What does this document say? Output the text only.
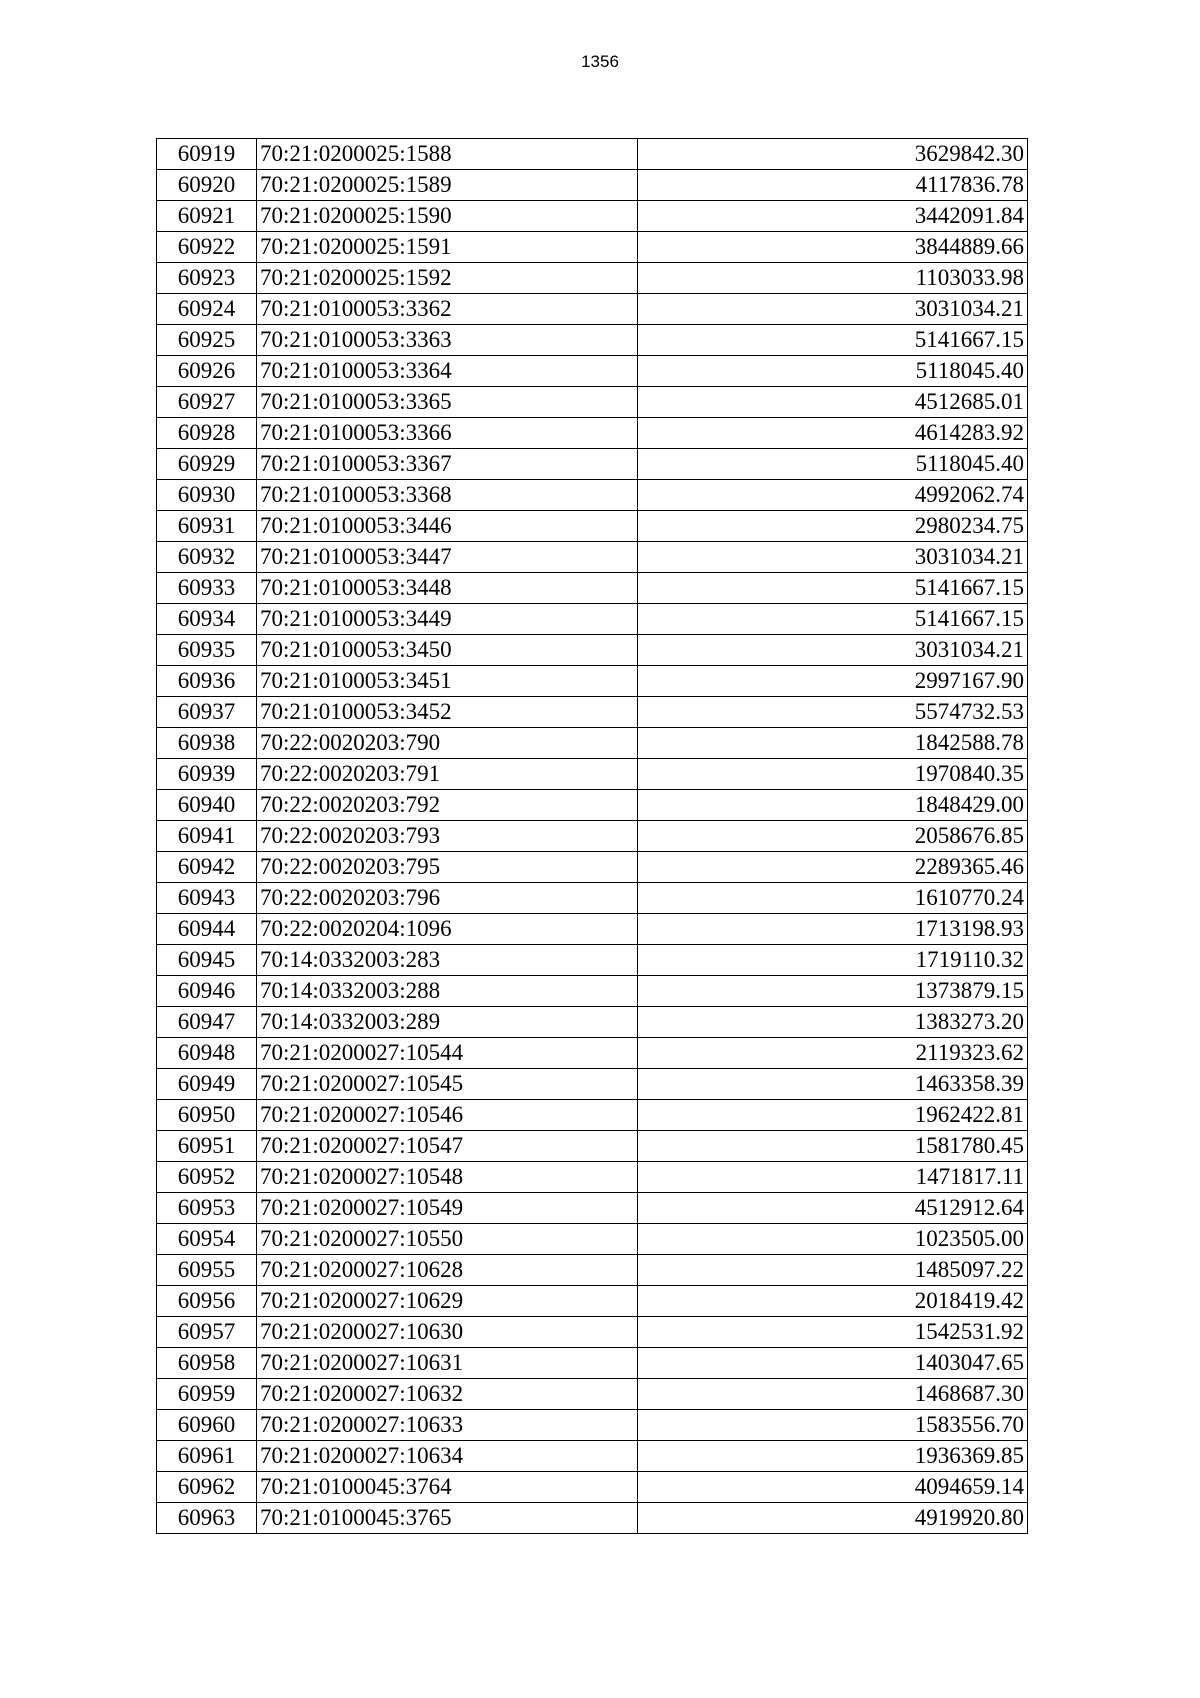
1356
60919	70:21:0200025:1588	3629842.30
60920	70:21:0200025:1589	4117836.78
60921	70:21:0200025:1590	3442091.84
60922	70:21:0200025:1591	3844889.66
60923	70:21:0200025:1592	1103033.98
60924	70:21:0100053:3362	3031034.21
60925	70:21:0100053:3363	5141667.15
60926	70:21:0100053:3364	5118045.40
60927	70:21:0100053:3365	4512685.01
60928	70:21:0100053:3366	4614283.92
60929	70:21:0100053:3367	5118045.40
60930	70:21:0100053:3368	4992062.74
60931	70:21:0100053:3446	2980234.75
60932	70:21:0100053:3447	3031034.21
60933	70:21:0100053:3448	5141667.15
60934	70:21:0100053:3449	5141667.15
60935	70:21:0100053:3450	3031034.21
60936	70:21:0100053:3451	2997167.90
60937	70:21:0100053:3452	5574732.53
60938	70:22:0020203:790	1842588.78
60939	70:22:0020203:791	1970840.35
60940	70:22:0020203:792	1848429.00
60941	70:22:0020203:793	2058676.85
60942	70:22:0020203:795	2289365.46
60943	70:22:0020203:796	1610770.24
60944	70:22:0020204:1096	1713198.93
60945	70:14:0332003:283	1719110.32
60946	70:14:0332003:288	1373879.15
60947	70:14:0332003:289	1383273.20
60948	70:21:0200027:10544	2119323.62
60949	70:21:0200027:10545	1463358.39
60950	70:21:0200027:10546	1962422.81
60951	70:21:0200027:10547	1581780.45
60952	70:21:0200027:10548	1471817.11
60953	70:21:0200027:10549	4512912.64
60954	70:21:0200027:10550	1023505.00
60955	70:21:0200027:10628	1485097.22
60956	70:21:0200027:10629	2018419.42
60957	70:21:0200027:10630	1542531.92
60958	70:21:0200027:10631	1403047.65
60959	70:21:0200027:10632	1468687.30
60960	70:21:0200027:10633	1583556.70
60961	70:21:0200027:10634	1936369.85
60962	70:21:0100045:3764	4094659.14
60963	70:21:0100045:3765	4919920.80
